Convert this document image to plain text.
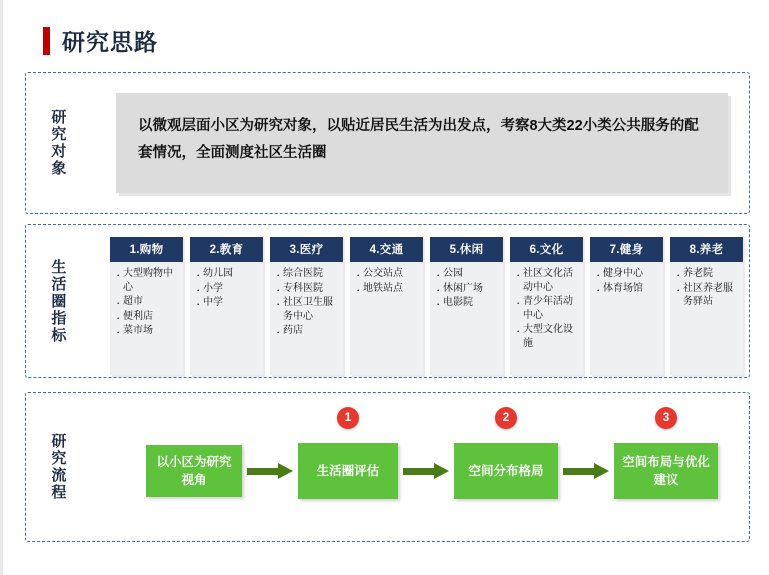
研究思路
研究对象	以微观层面小区为研究对象，以贴近居民生活为出发点，考察8大类22小类公共服务的配套情况，全面测度社区生活圈
生活圈指标
1.购物
· 大型购物中心
· 超市
· 便利店
· 菜市场
2.教育
· 幼儿园
· 小学
· 中学
3.医疗
· 综合医院
· 专科医院
· 社区卫生服务中心
· 药店
4.交通
· 公交站点
· 地铁站点
5.休闲
· 公园
· 休闲广场
· 电影院
6.文化
· 社区文化活动中心
· 青少年活动中心
· 大型文化设施
7.健身
· 健身中心
· 体育场馆
8.养老
· 养老院
· 社区养老服务驿站
研究流程	以小区为研究视角
1
生活圈评估
2
空间分布格局
3
空间布局与优化建议
